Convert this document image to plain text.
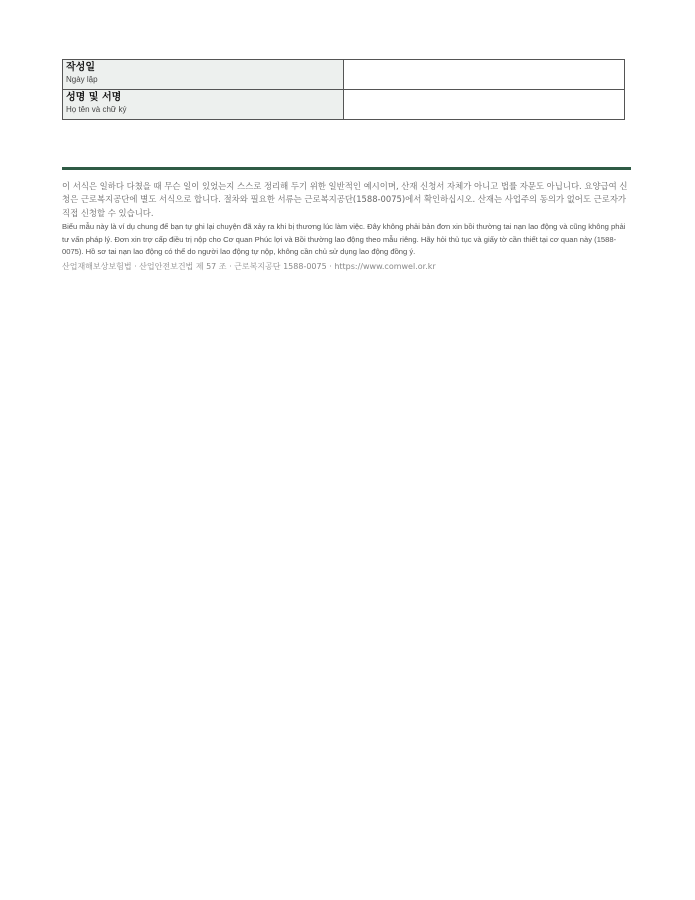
작성일
Ngày lập	

성명 및 서명
Họ tên và chữ ký	

이 서식은 일하다 다쳤을 때 무슨 일이 있었는지 스스로 정리해 두기 위한 일반적인 예시이며, 산재 신청서 자체가 아니고 법률 자문도 아닙니다. 요양급여 신청은 근로복지공단에 별도 서식으로 합니다. 절차와 필요한 서류는 근로복지공단(1588-0075)에서 확인하십시오. 산재는 사업주의 동의가 없어도 근로자가 직접 신청할 수 있습니다.

Biểu mẫu này là ví dụ chung để bạn tự ghi lại chuyện đã xảy ra khi bị thương lúc làm việc. Đây không phải bản đơn xin bồi thường tai nạn lao động và cũng không phải tư vấn pháp lý. Đơn xin trợ cấp điều trị nộp cho Cơ quan Phúc lợi và Bồi thường lao động theo mẫu riêng. Hãy hỏi thủ tục và giấy tờ cần thiết tại cơ quan này (1588-0075). Hồ sơ tai nạn lao động có thể do người lao động tự nộp, không cần chủ sử dụng lao động đồng ý.

산업재해보상보험법 · 산업안전보건법 제 57 조 · 근로복지공단 1588-0075 · https://www.comwel.or.kr
